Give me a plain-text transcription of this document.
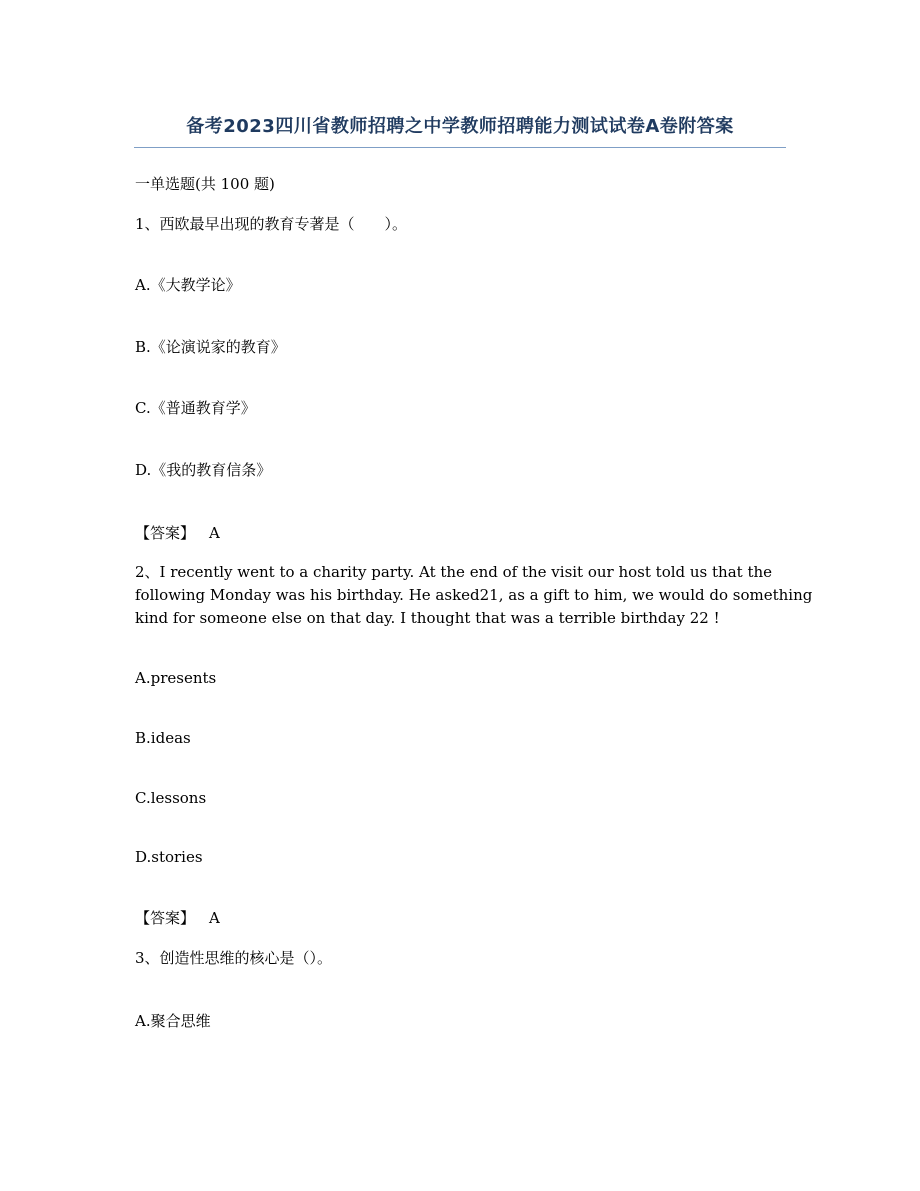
备考2023四川省教师招聘之中学教师招聘能力测试试卷A卷附答案
一单选题(共 100 题)
1、西欧最早出现的教育专著是（　　）。
A.《大教学论》
B.《论演说家的教育》
C.《普通教育学》
D.《我的教育信条》
【答案】 A
2、I recently went to a charity party. At the end of the visit our host told us that the
following Monday was his birthday. He asked21, as a gift to him, we would do something
kind for someone else on that day. I thought that was a terrible birthday 22 !
A.presents
B.ideas
C.lessons
D.stories
【答案】 A
3、创造性思维的核心是（）。
A.聚合思维
